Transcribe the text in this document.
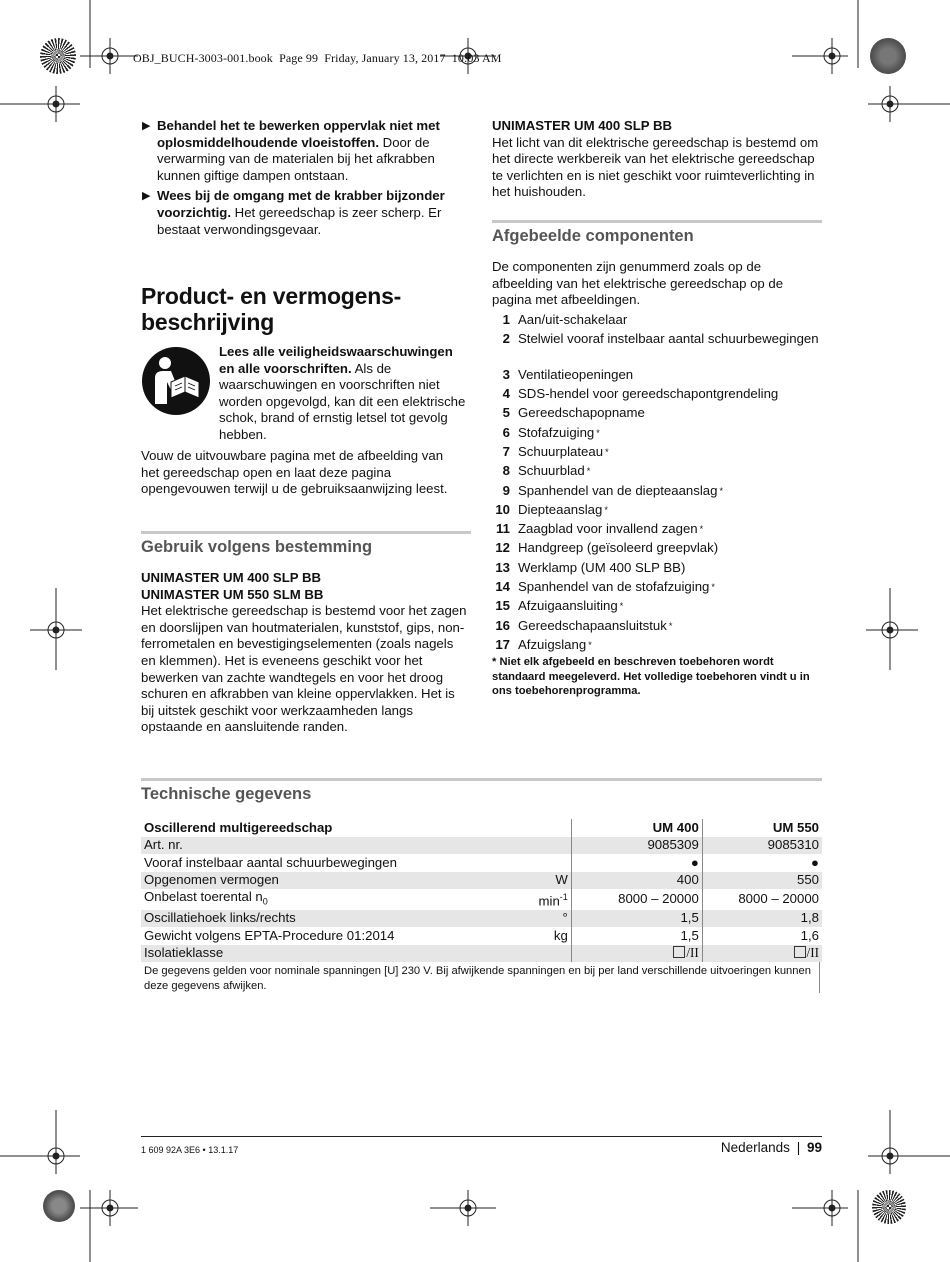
OBJ_BUCH-3003-001.book  Page 99  Friday, January 13, 2017  10:03 AM
▶ Behandel het te bewerken oppervlak niet met oplosmiddelhoudende vloeistoffen. Door de verwarming van de materialen bij het afkrabben kunnen giftige dampen ontstaan.
▶ Wees bij de omgang met de krabber bijzonder voorzichtig. Het gereedschap is zeer scherp. Er bestaat verwondingsgevaar.
Product- en vermogens-beschrijving
Lees alle veiligheidswaarschuwingen en alle voorschriften. Als de waarschuwingen en voorschriften niet worden opgevolgd, kan dit een elektrische schok, brand of ernstig letsel tot gevolg hebben.
Vouw de uitvouwbare pagina met de afbeelding van het gereedschap open en laat deze pagina opengevouwen terwijl u de gebruiksaanwijzing leest.
Gebruik volgens bestemming
UNIMASTER UM 400 SLP BB
UNIMASTER UM 550 SLM BB
Het elektrische gereedschap is bestemd voor het zagen en doorslijpen van houtmaterialen, kunststof, gips, non-ferrometalen en bevestigingselementen (zoals nagels en klemmen). Het is eveneens geschikt voor het bewerken van zachte wandtegels en voor het droog schuren en afkrabben van kleine oppervlakken. Het is bij uitstek geschikt voor werkzaamheden langs opstaande en aansluitende randen.
UNIMASTER UM 400 SLP BB
Het licht van dit elektrische gereedschap is bestemd om het directe werkbereik van het elektrische gereedschap te verlichten en is niet geschikt voor ruimteverlichting in het huishouden.
Afgebeelde componenten
De componenten zijn genummerd zoals op de afbeelding van het elektrische gereedschap op de pagina met afbeeldingen.
1 Aan/uit-schakelaar
2 Stelwiel vooraf instelbaar aantal schuurbewegingen
3 Ventilatieopeningen
4 SDS-hendel voor gereedschapontgrendeling
5 Gereedschapopname
6 Stofafzuiging *
7 Schuurplateau *
8 Schuurblad *
9 Spanhendel van de diepteaanslag *
10 Diepteaanslag *
11 Zaagblad voor invallend zagen *
12 Handgreep (geïsoleerd greepvlak)
13 Werklamp (UM 400 SLP BB)
14 Spanhendel van de stofafzuiging *
15 Afzuigaansluiting *
16 Gereedschapaansluitstuk *
17 Afzuigslang *
* Niet elk afgebeeld en beschreven toebehoren wordt standaard meegeleverd. Het volledige toebehoren vindt u in ons toebehorenprogramma.
Technische gegevens
Oscillerend multigereedschap	UM 400	UM 550
Art. nr.	9085309	9085310
Vooraf instelbaar aantal schuurbewegingen	●	●
Opgenomen vermogen W	400	550
Onbelast toerental $n_0$ $\min^{-1}$	8000 – 20000	8000 – 20000
Oscillatiehoek links/rechts °	1,5	1,8
Gewicht volgens EPTA-Procedure 01:2014 kg	1,5	1,6
Isolatieklasse	/II	/II
De gegevens gelden voor nominale spanningen [U] 230 V. Bij afwijkende spanningen en bij per land verschillende uitvoeringen kunnen deze gegevens afwijken.
1 609 92A 3E6 • 13.1.17	Nederlands | 99
